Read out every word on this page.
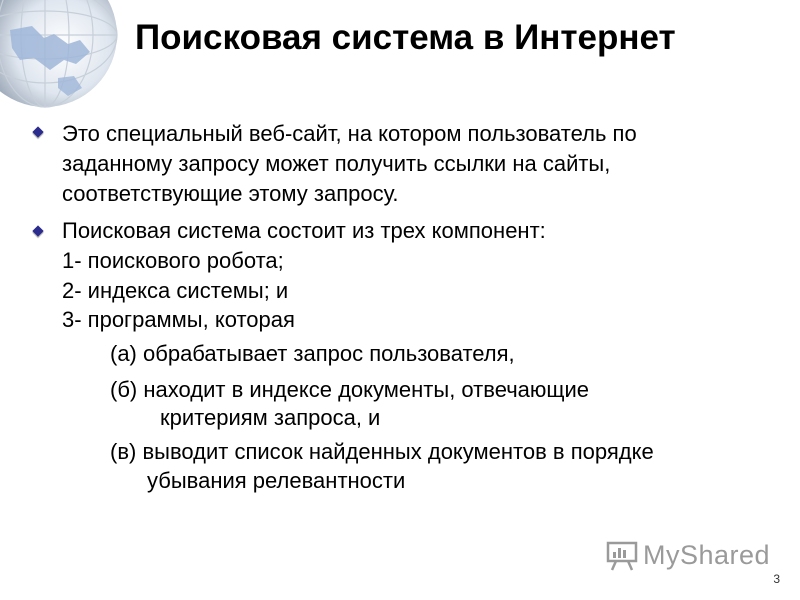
Поисковая система в Интернет
Это специальный веб-сайт, на котором пользователь по
заданному запросу может получить ссылки на сайты,
соответствующие этому запросу.
Поисковая система состоит из трех компонент:
1- поискового робота;
2- индекса системы; и
3- программы, которая
(а) обрабатывает запрос пользователя,
(б) находит в индексе документы, отвечающие
критериям запроса, и
(в) выводит список найденных документов в порядке
убывания релевантности
MyShared
3
